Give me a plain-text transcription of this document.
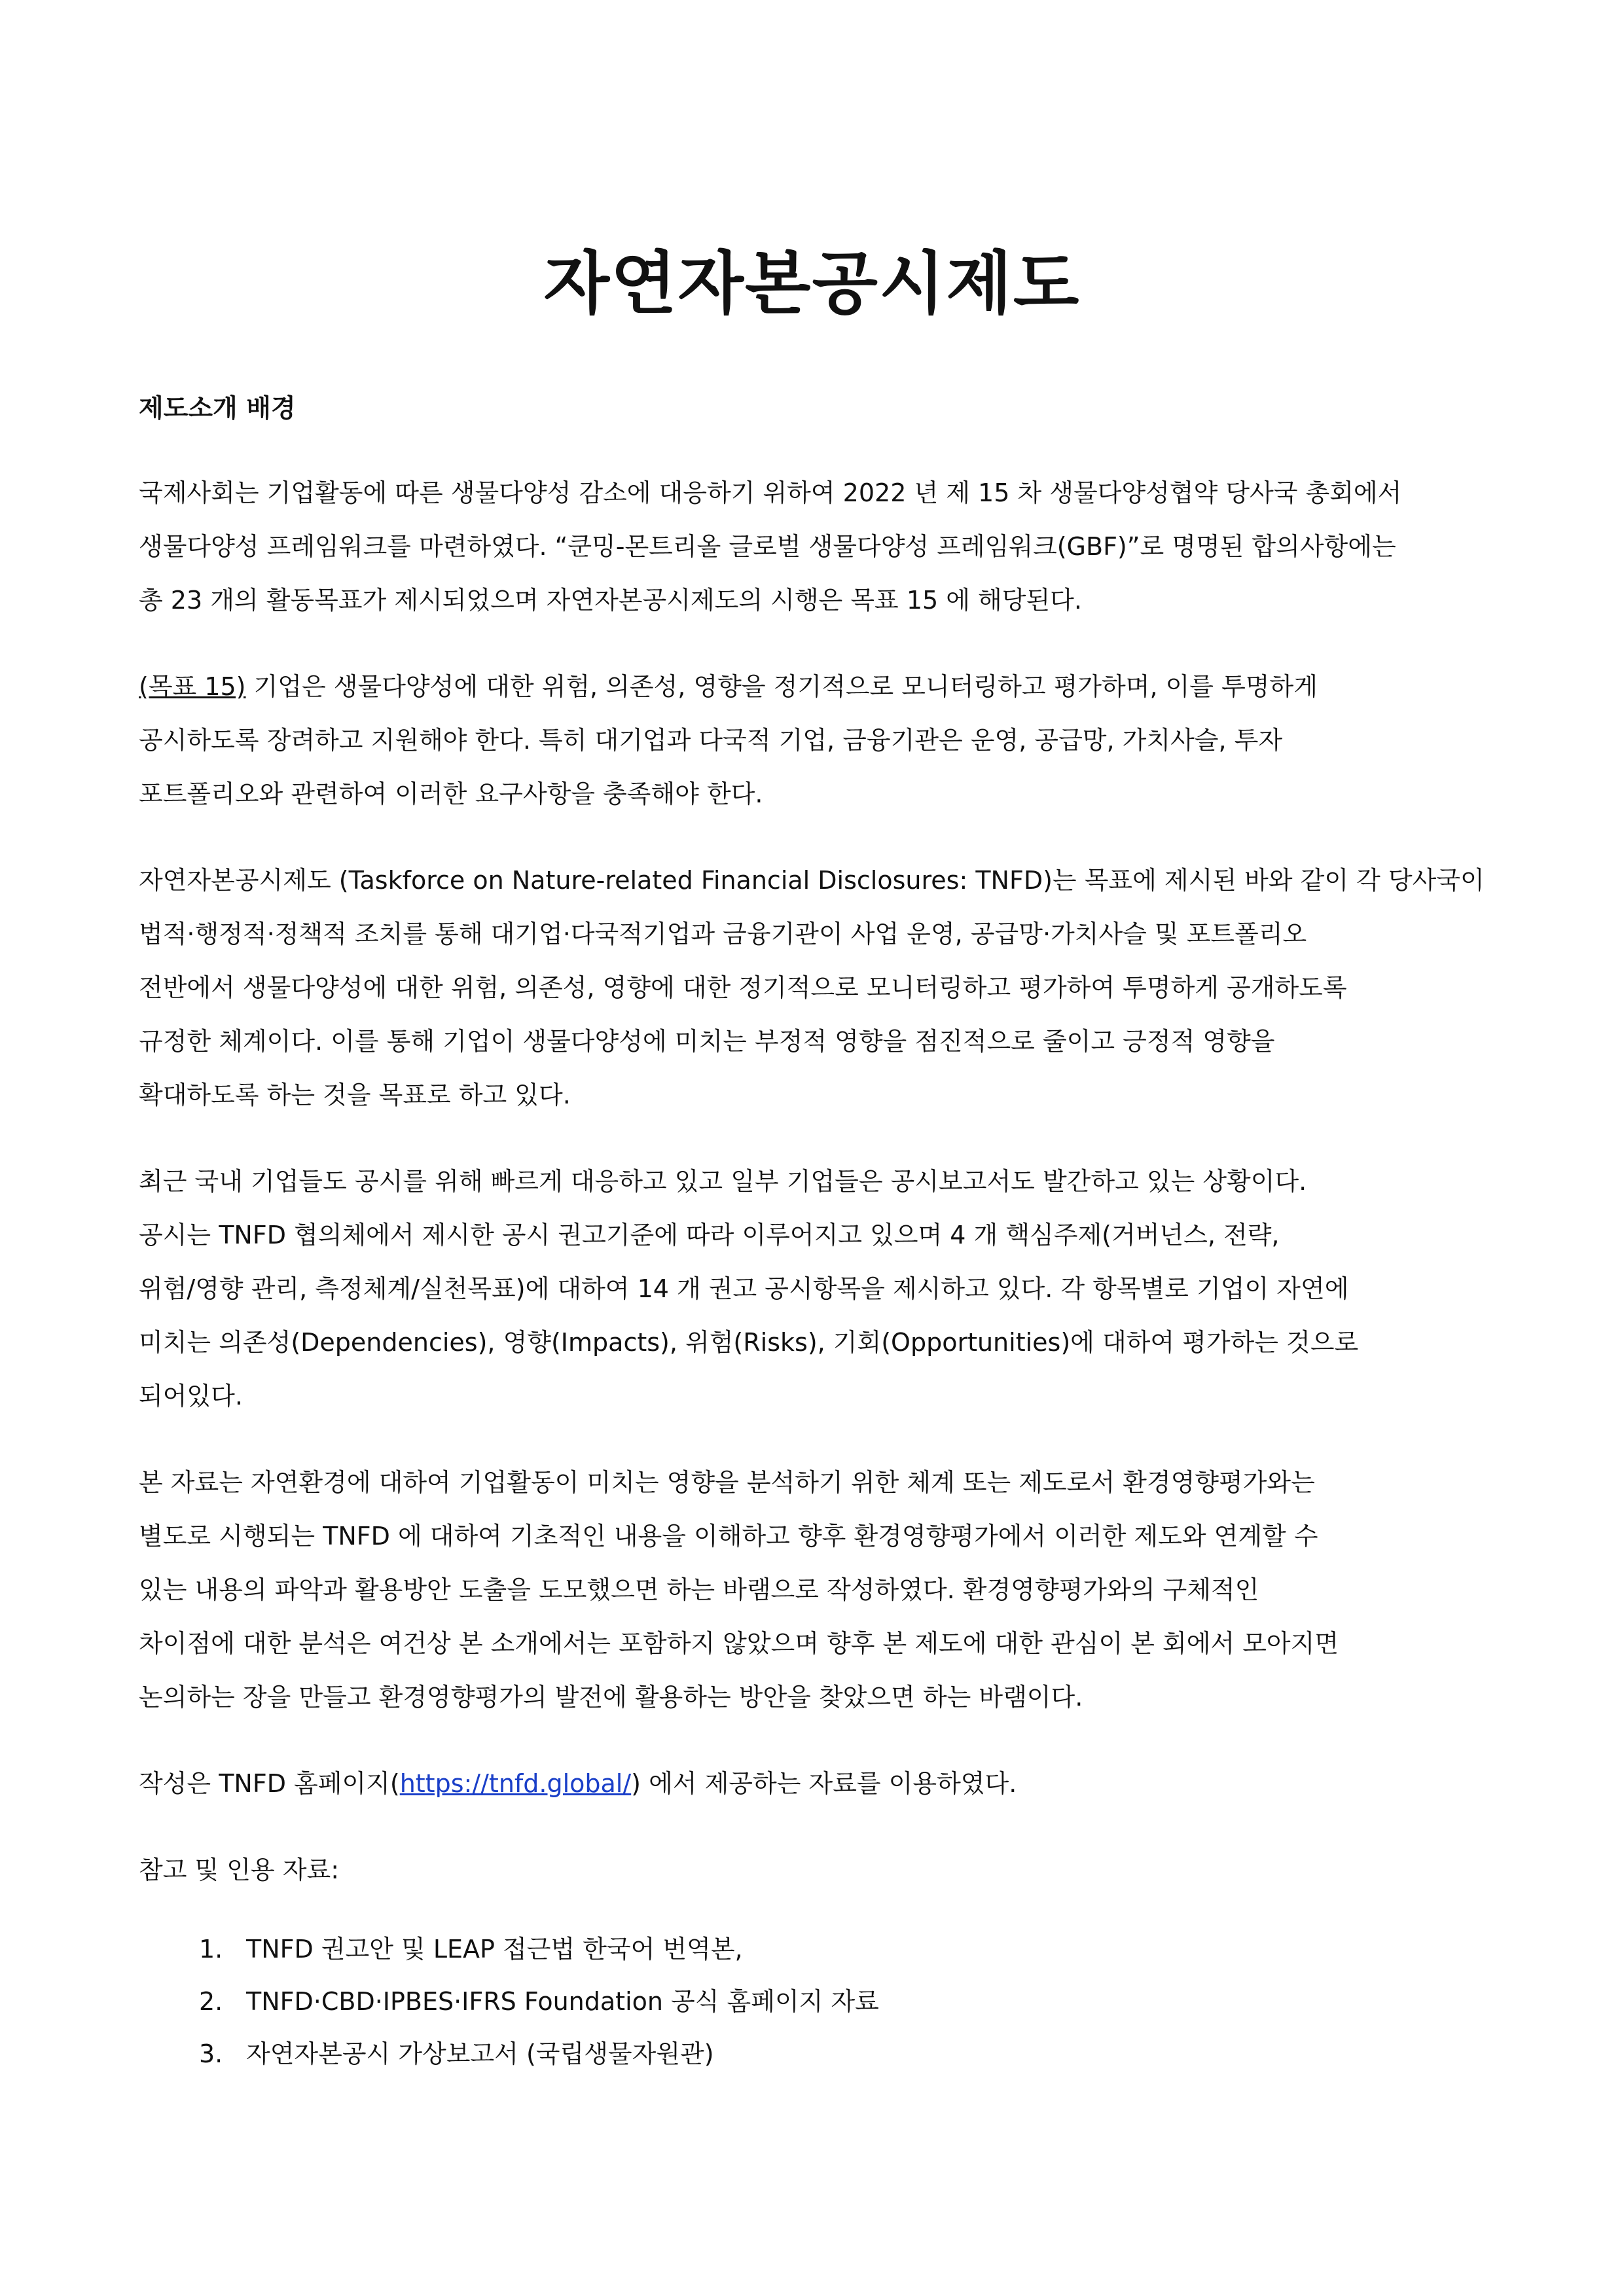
자연자본공시제도
제도소개 배경

국제사회는 기업활동에 따른 생물다양성 감소에 대응하기 위하여 2022 년 제 15 차 생물다양성협약 당사국 총회에서
생물다양성 프레임워크를 마련하였다. “쿤밍-몬트리올 글로벌 생물다양성 프레임워크(GBF)”로 명명된 합의사항에는
총 23 개의 활동목표가 제시되었으며 자연자본공시제도의 시행은 목표 15 에 해당된다.

(목표 15) 기업은 생물다양성에 대한 위험, 의존성, 영향을 정기적으로 모니터링하고 평가하며, 이를 투명하게
공시하도록 장려하고 지원해야 한다. 특히 대기업과 다국적 기업, 금융기관은 운영, 공급망, 가치사슬, 투자
포트폴리오와 관련하여 이러한 요구사항을 충족해야 한다.

자연자본공시제도 (Taskforce on Nature-related Financial Disclosures: TNFD)는 목표에 제시된 바와 같이 각 당사국이
법적·행정적·정책적 조치를 통해 대기업·다국적기업과 금융기관이 사업 운영, 공급망·가치사슬 및 포트폴리오
전반에서 생물다양성에 대한 위험, 의존성, 영향에 대한 정기적으로 모니터링하고 평가하여 투명하게 공개하도록
규정한 체계이다. 이를 통해 기업이 생물다양성에 미치는 부정적 영향을 점진적으로 줄이고 긍정적 영향을
확대하도록 하는 것을 목표로 하고 있다.

최근 국내 기업들도 공시를 위해 빠르게 대응하고 있고 일부 기업들은 공시보고서도 발간하고 있는 상황이다.
공시는 TNFD 협의체에서 제시한 공시 권고기준에 따라 이루어지고 있으며 4 개 핵심주제(거버넌스, 전략,
위험/영향 관리, 측정체계/실천목표)에 대하여 14 개 권고 공시항목을 제시하고 있다. 각 항목별로 기업이 자연에
미치는 의존성(Dependencies), 영향(Impacts), 위험(Risks), 기회(Opportunities)에 대하여 평가하는 것으로
되어있다.

본 자료는 자연환경에 대하여 기업활동이 미치는 영향을 분석하기 위한 체계 또는 제도로서 환경영향평가와는
별도로 시행되는 TNFD 에 대하여 기초적인 내용을 이해하고 향후 환경영향평가에서 이러한 제도와 연계할 수
있는 내용의 파악과 활용방안 도출을 도모했으면 하는 바램으로 작성하였다. 환경영향평가와의 구체적인
차이점에 대한 분석은 여건상 본 소개에서는 포함하지 않았으며 향후 본 제도에 대한 관심이 본 회에서 모아지면
논의하는 장을 만들고 환경영향평가의 발전에 활용하는 방안을 찾았으면 하는 바램이다.

작성은 TNFD 홈페이지(https://tnfd.global/) 에서 제공하는 자료를 이용하였다.

참고 및 인용 자료:

1. TNFD 권고안 및 LEAP 접근법 한국어 번역본,
2. TNFD·CBD·IPBES·IFRS Foundation 공식 홈페이지 자료
3. 자연자본공시 가상보고서 (국립생물자원관)
